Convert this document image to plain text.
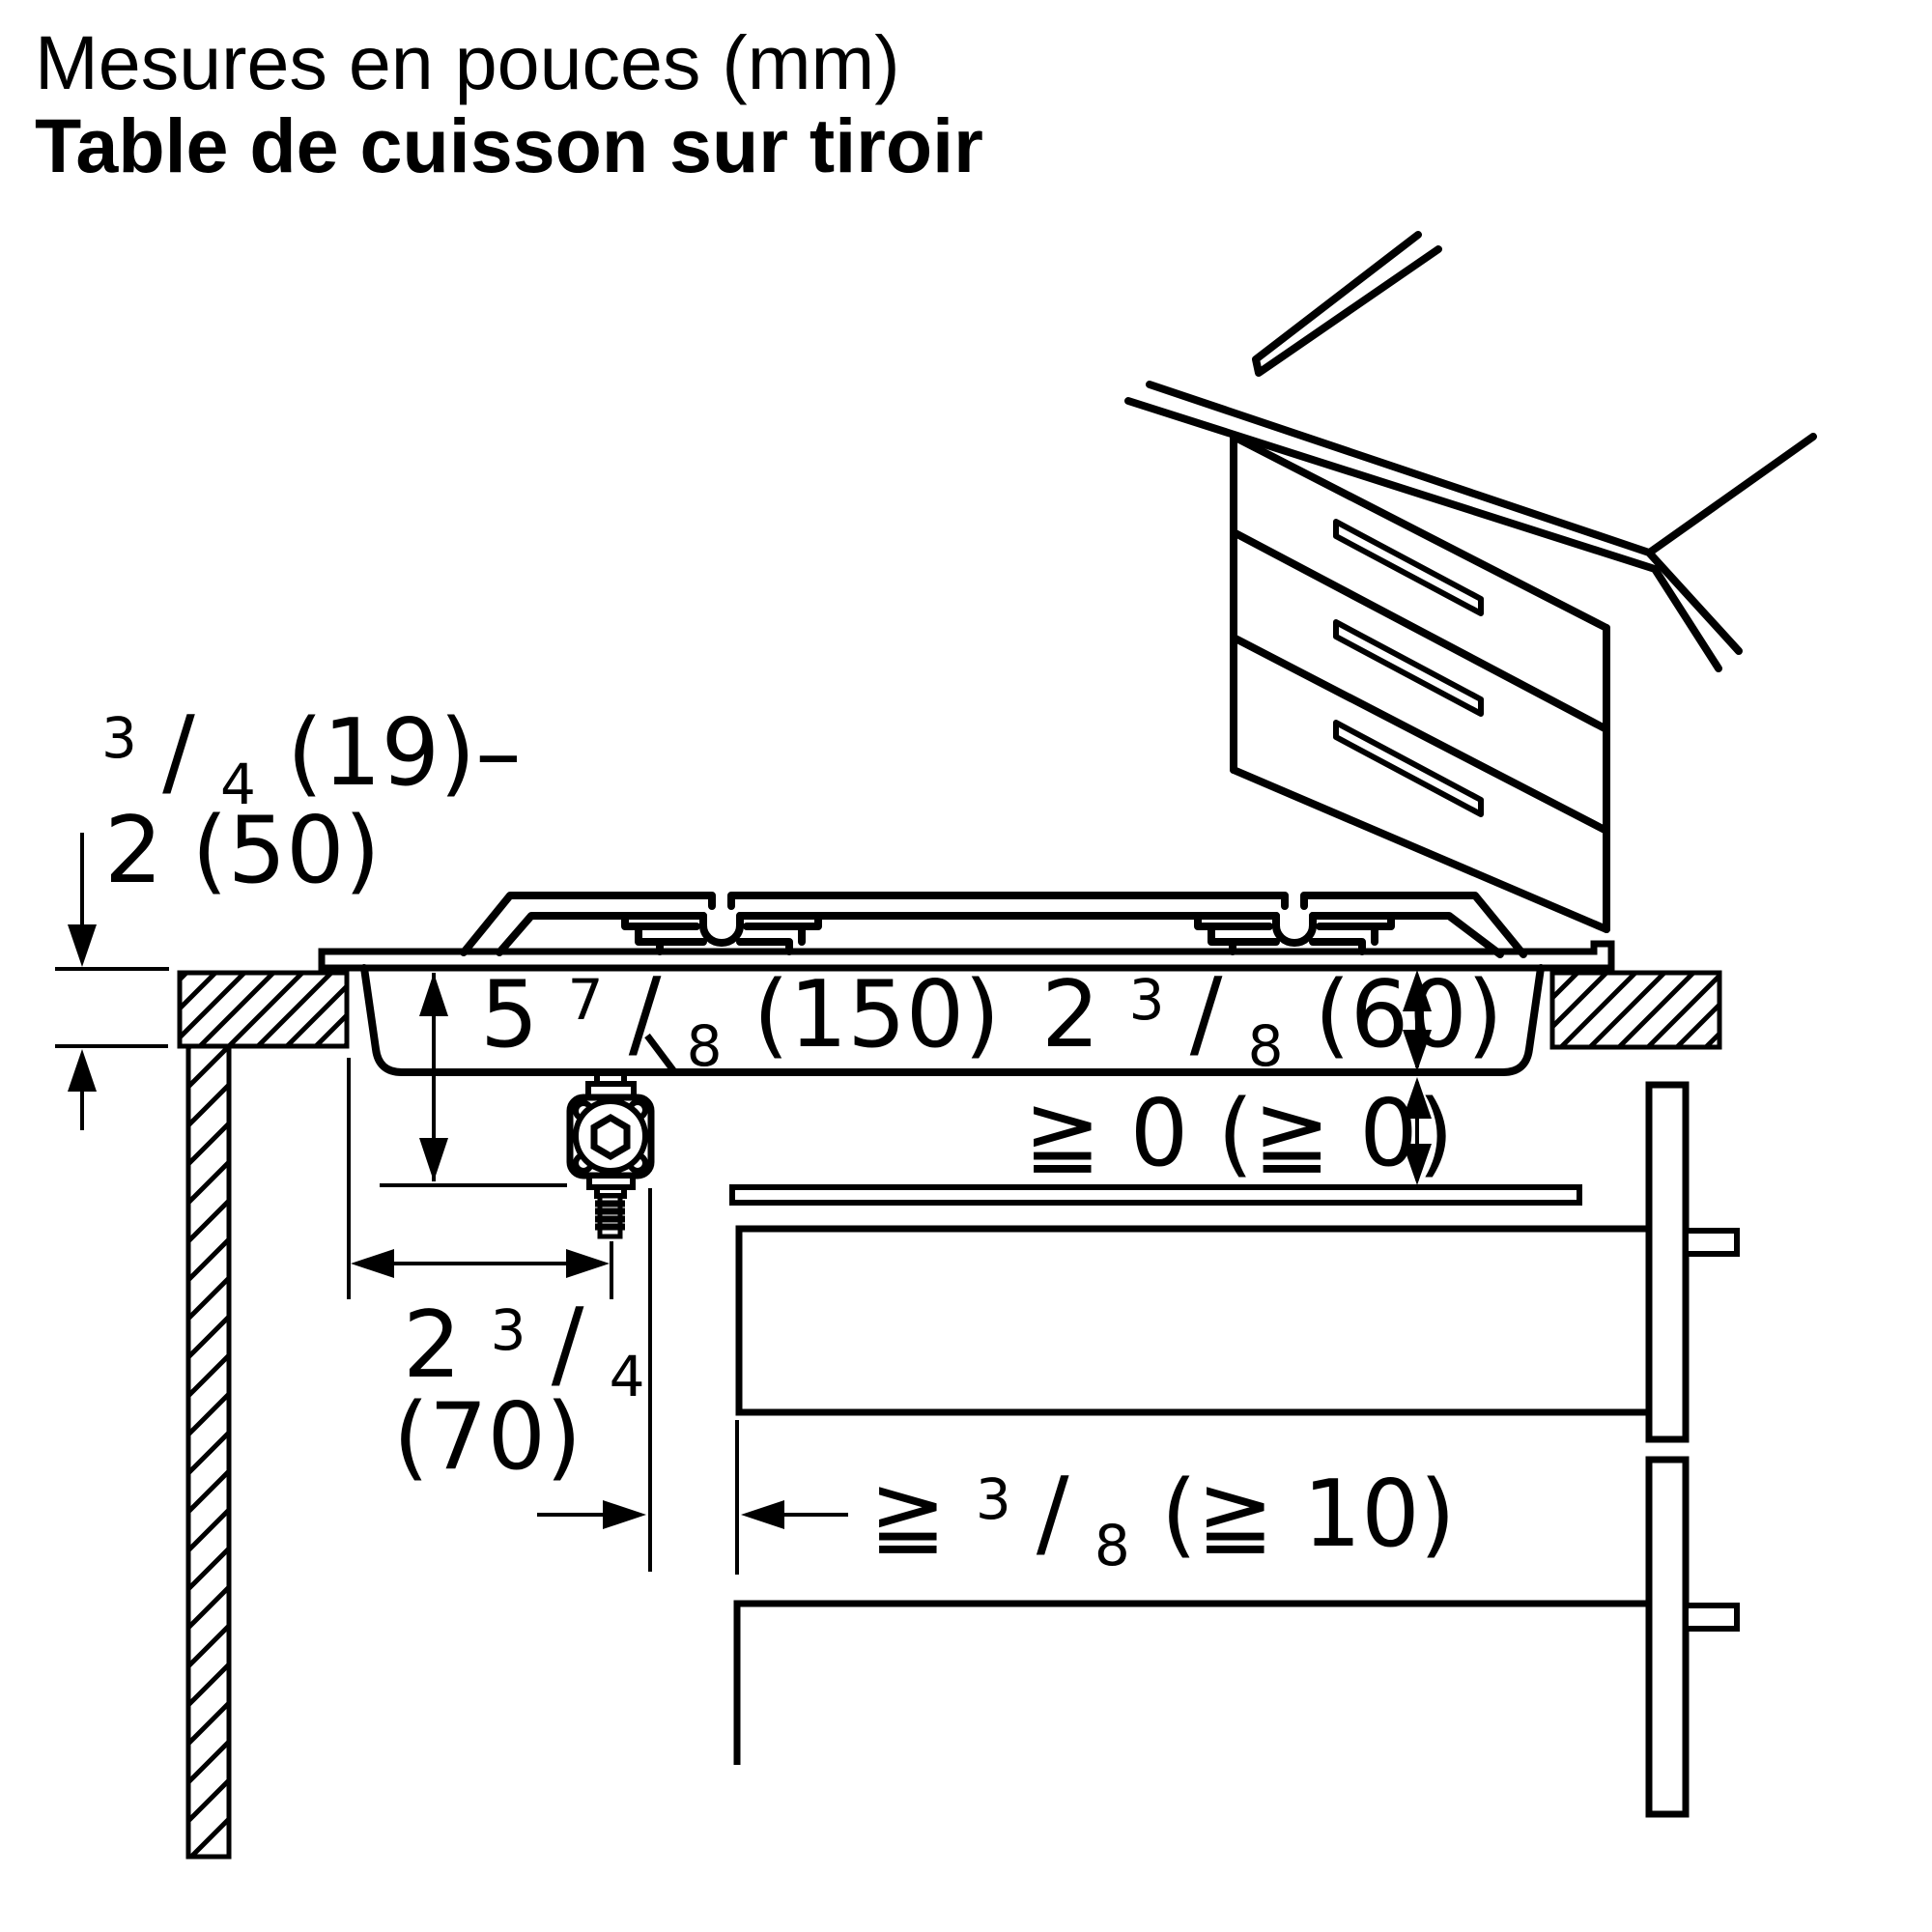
Mesures en pouces (mm)
Table de cuisson sur tiroir
$^3$ / 4 (19)–
2 (50)
5 $^7$ / 8 (150) 2 $^3$ / 8 (60)
≧ 0 (≧ 0)
2 $^3$ / 4
(70)
≧ $^3$ / 8 (≧ 10)
